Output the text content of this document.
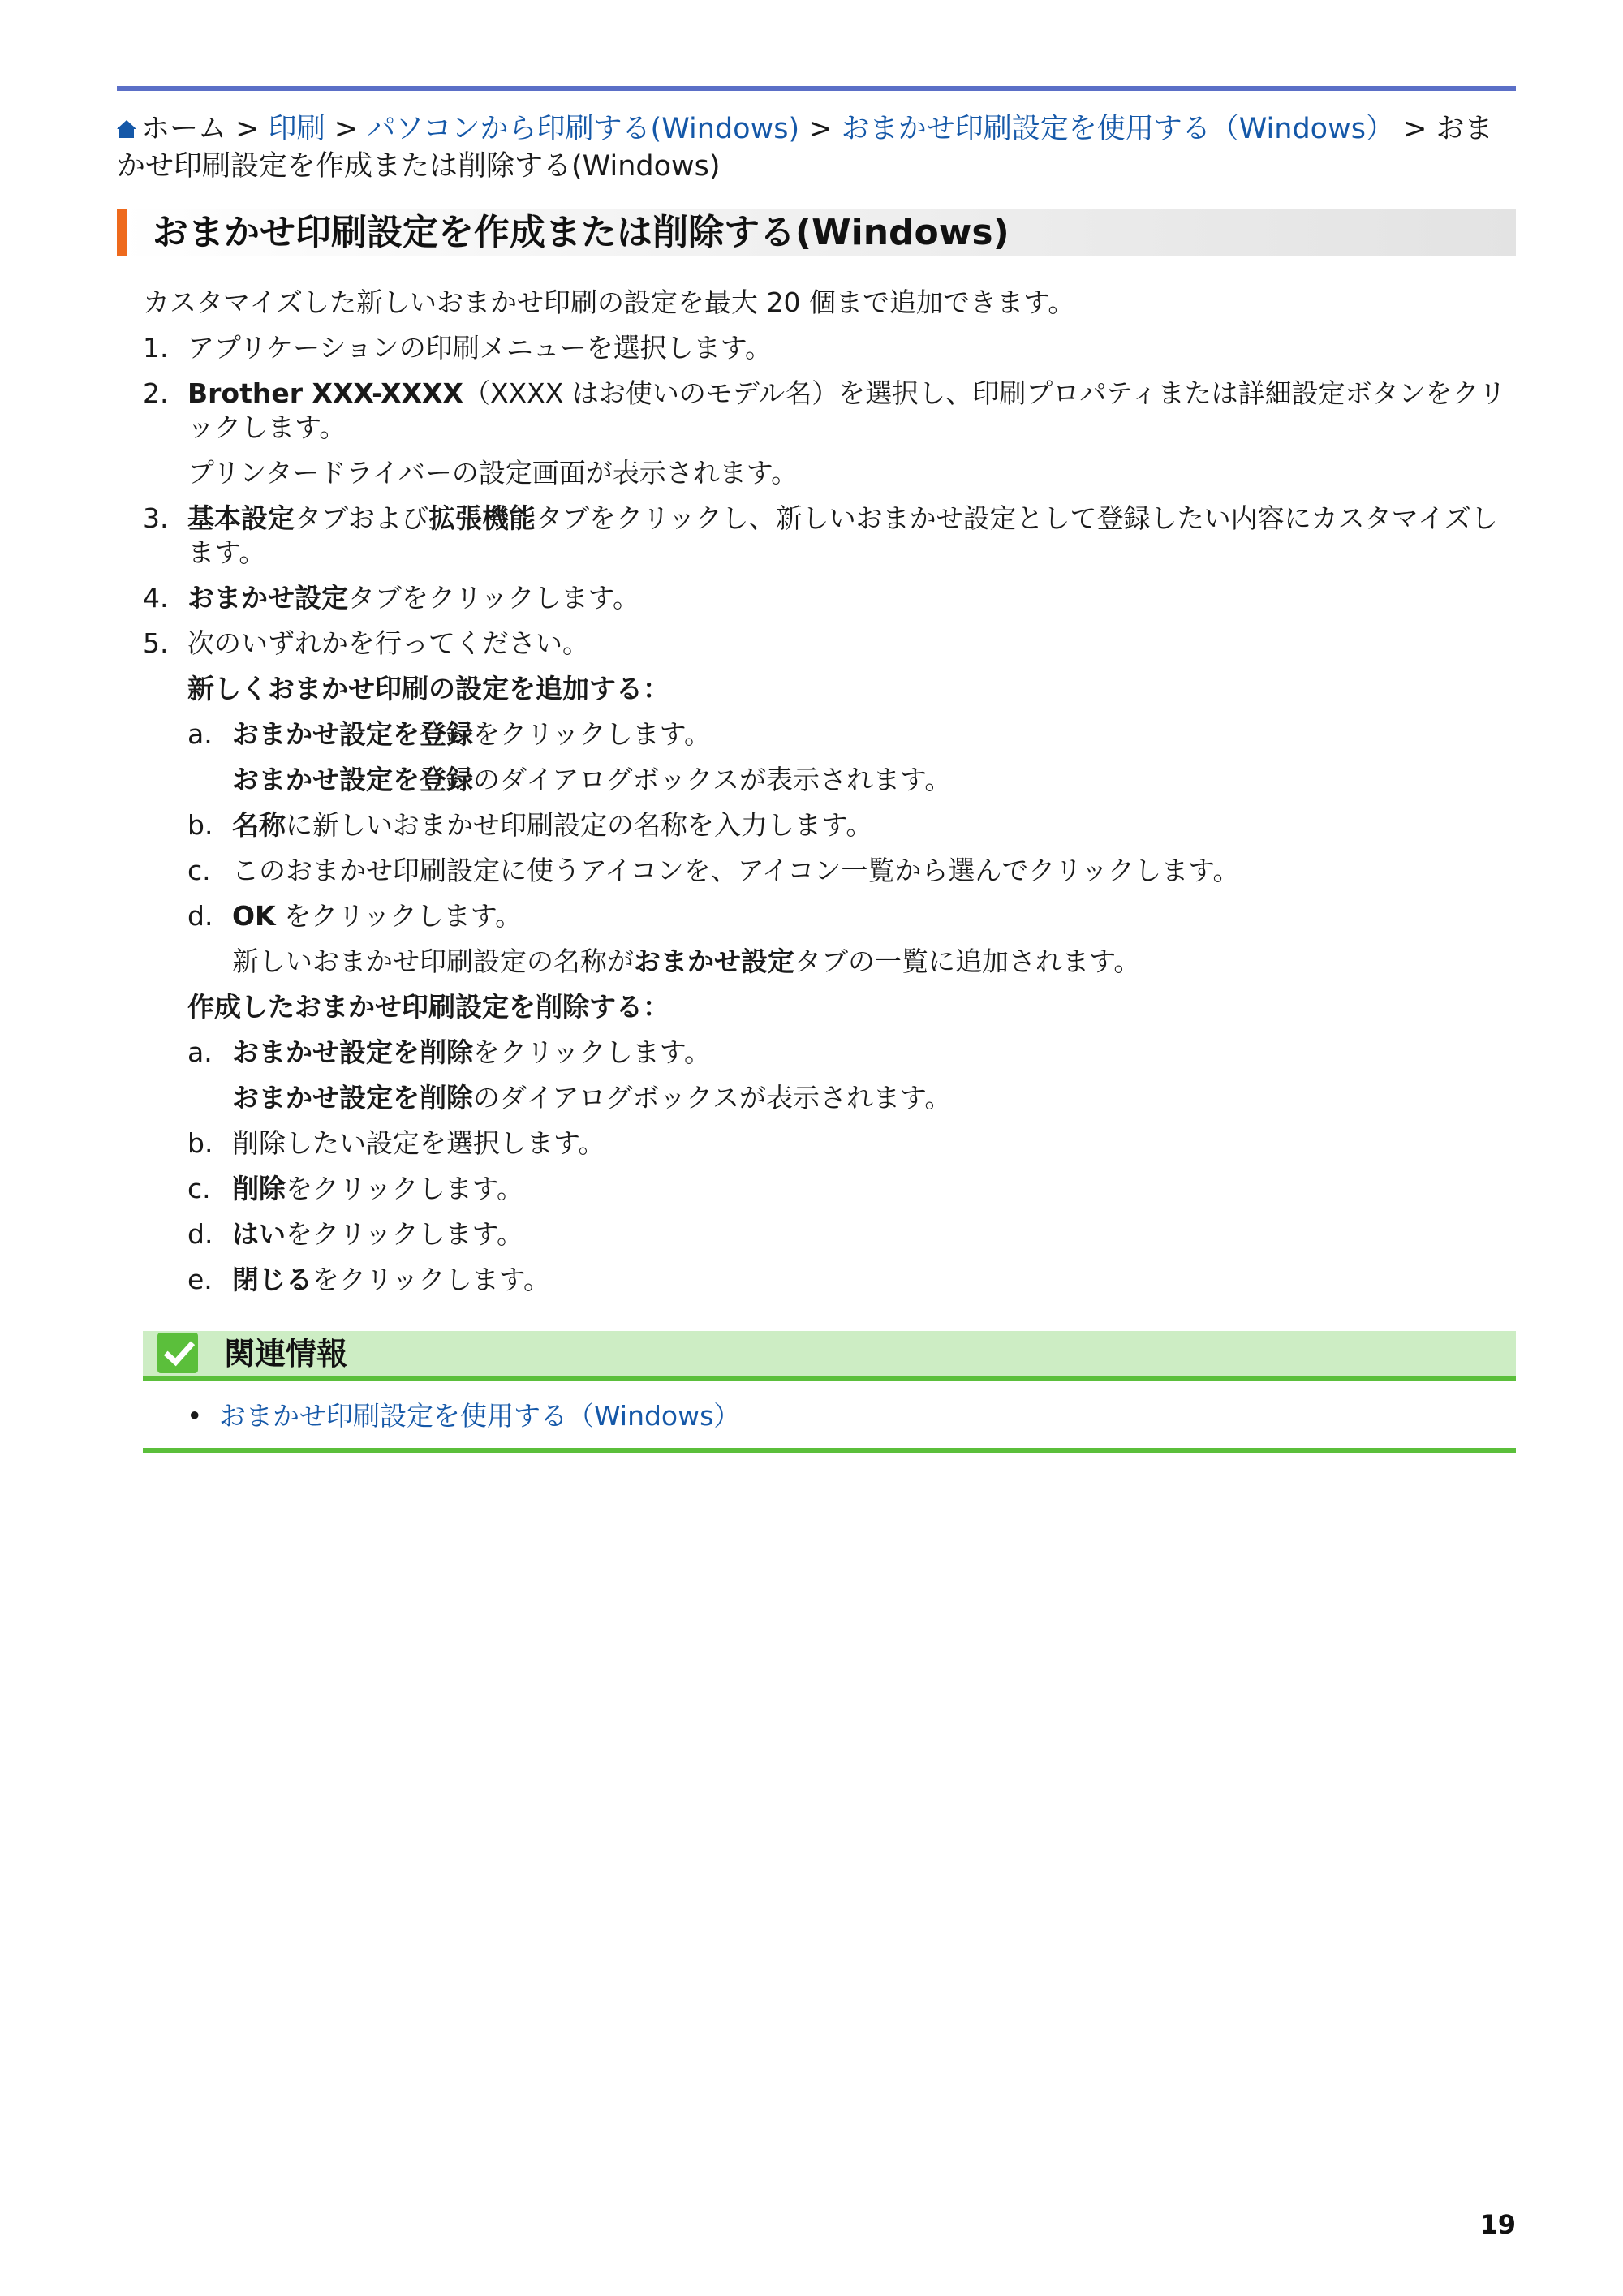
ホーム > 印刷 > パソコンから印刷する(Windows) > おまかせ印刷設定を使用する（Windows） > おまかせ印刷設定を作成または削除する(Windows)
おまかせ印刷設定を作成または削除する(Windows)

カスタマイズした新しいおまかせ印刷の設定を最大 20 個まで追加できます。

1. アプリケーションの印刷メニューを選択します。
2. Brother XXX-XXXX（XXXX はお使いのモデル名）を選択し、印刷プロパティまたは詳細設定ボタンをクリックします。
プリンタードライバーの設定画面が表示されます。
3. 基本設定タブおよび拡張機能タブをクリックし、新しいおまかせ設定として登録したい内容にカスタマイズします。
4. おまかせ設定タブをクリックします。
5. 次のいずれかを行ってください。
新しくおまかせ印刷の設定を追加する：
a. おまかせ設定を登録をクリックします。
おまかせ設定を登録のダイアログボックスが表示されます。
b. 名称に新しいおまかせ印刷設定の名称を入力します。
c. このおまかせ印刷設定に使うアイコンを、アイコン一覧から選んでクリックします。
d. OK をクリックします。
新しいおまかせ印刷設定の名称がおまかせ設定タブの一覧に追加されます。
作成したおまかせ印刷設定を削除する：
a. おまかせ設定を削除をクリックします。
おまかせ設定を削除のダイアログボックスが表示されます。
b. 削除したい設定を選択します。
c. 削除をクリックします。
d. はいをクリックします。
e. 閉じるをクリックします。
関連情報
• おまかせ印刷設定を使用する（Windows）
19
